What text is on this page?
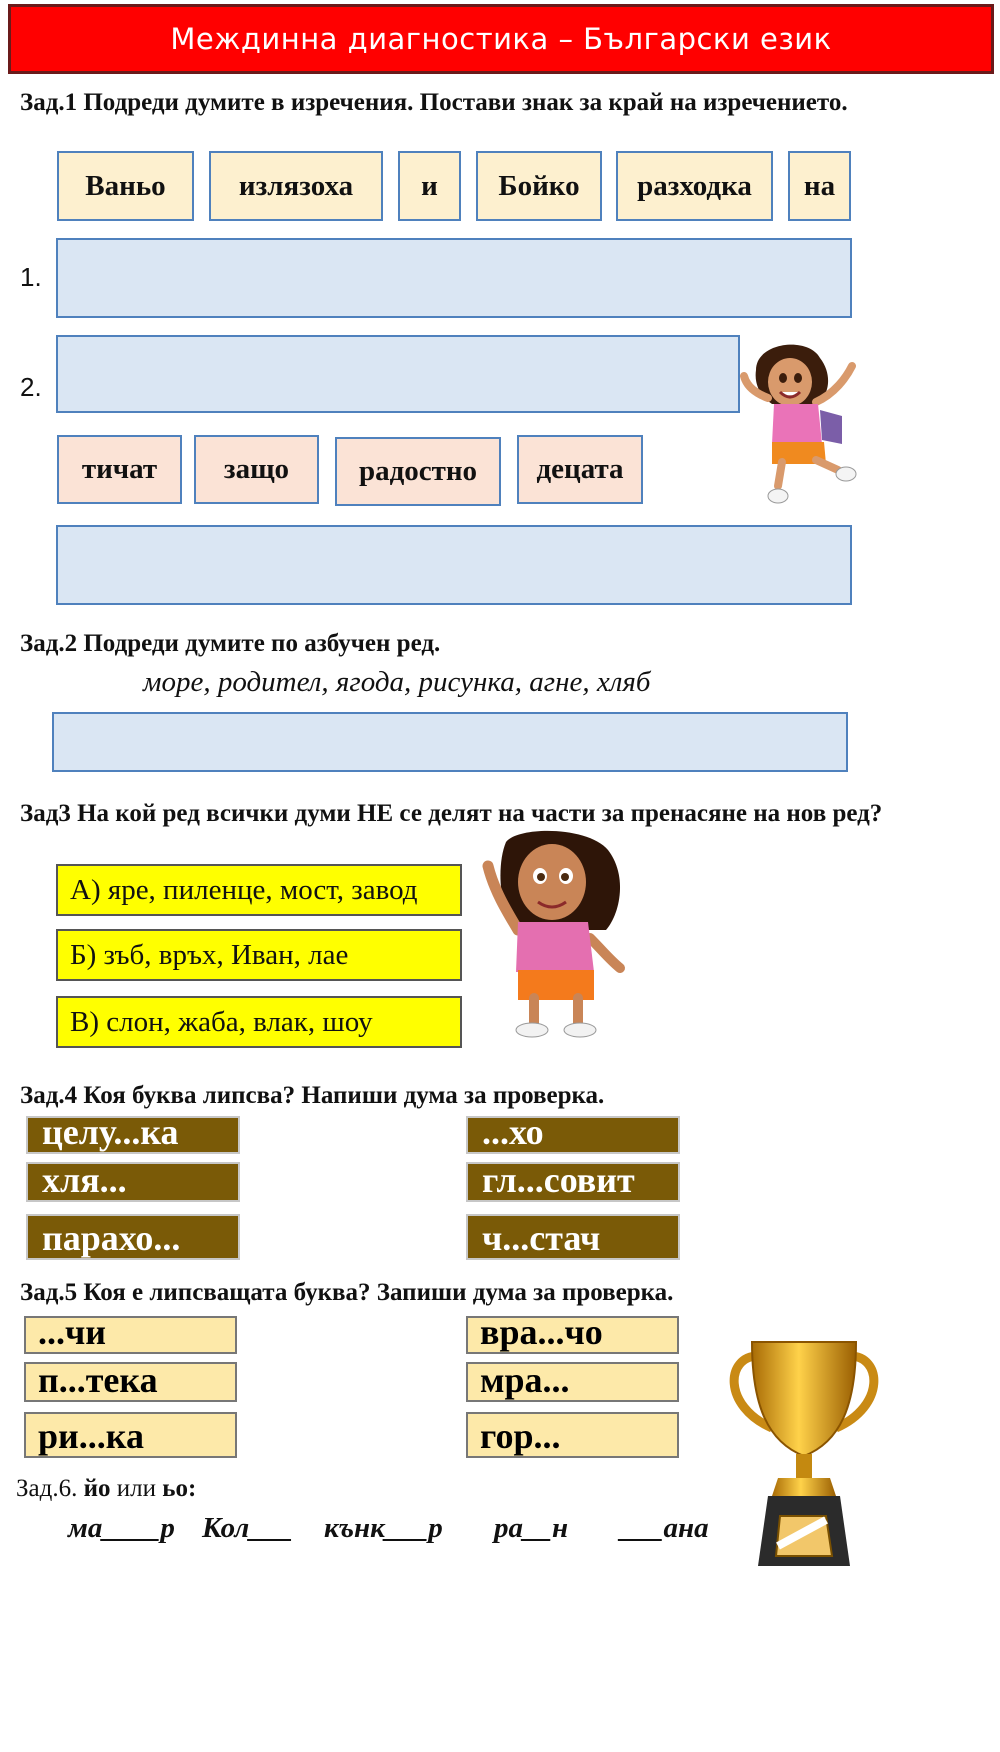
Междинна диагностика – Български език
Зад.1 Подреди думите в изречения. Постави знак за край на изречението.
Ваньо	излязоха	и	Бойко	разходка	на
1.
2.
тичат	защо	радостно	децата
Зад.2 Подреди думите по азбучен ред.
море, родител, ягода, рисунка, агне, хляб
Зад3 На кой ред всички думи НЕ се делят на части за пренасяне на нов ред?
А) яре, пиленце, мост, завод
Б) зъб, връх, Иван, лае
В) слон, жаба, влак, шоу
Зад.4 Коя буква липсва? Напиши дума за проверка.
целу...ка
хля...
парахо...
...хо
гл...совит
ч...стач
Зад.5 Коя е липсващата буква? Запиши дума за проверка.
...чи
п...тека
ри...ка
вра...чо
мра...
гор...
Зад.6. йо или ьо:
ма____р Кол___ кънк___р ра__н ___ана
